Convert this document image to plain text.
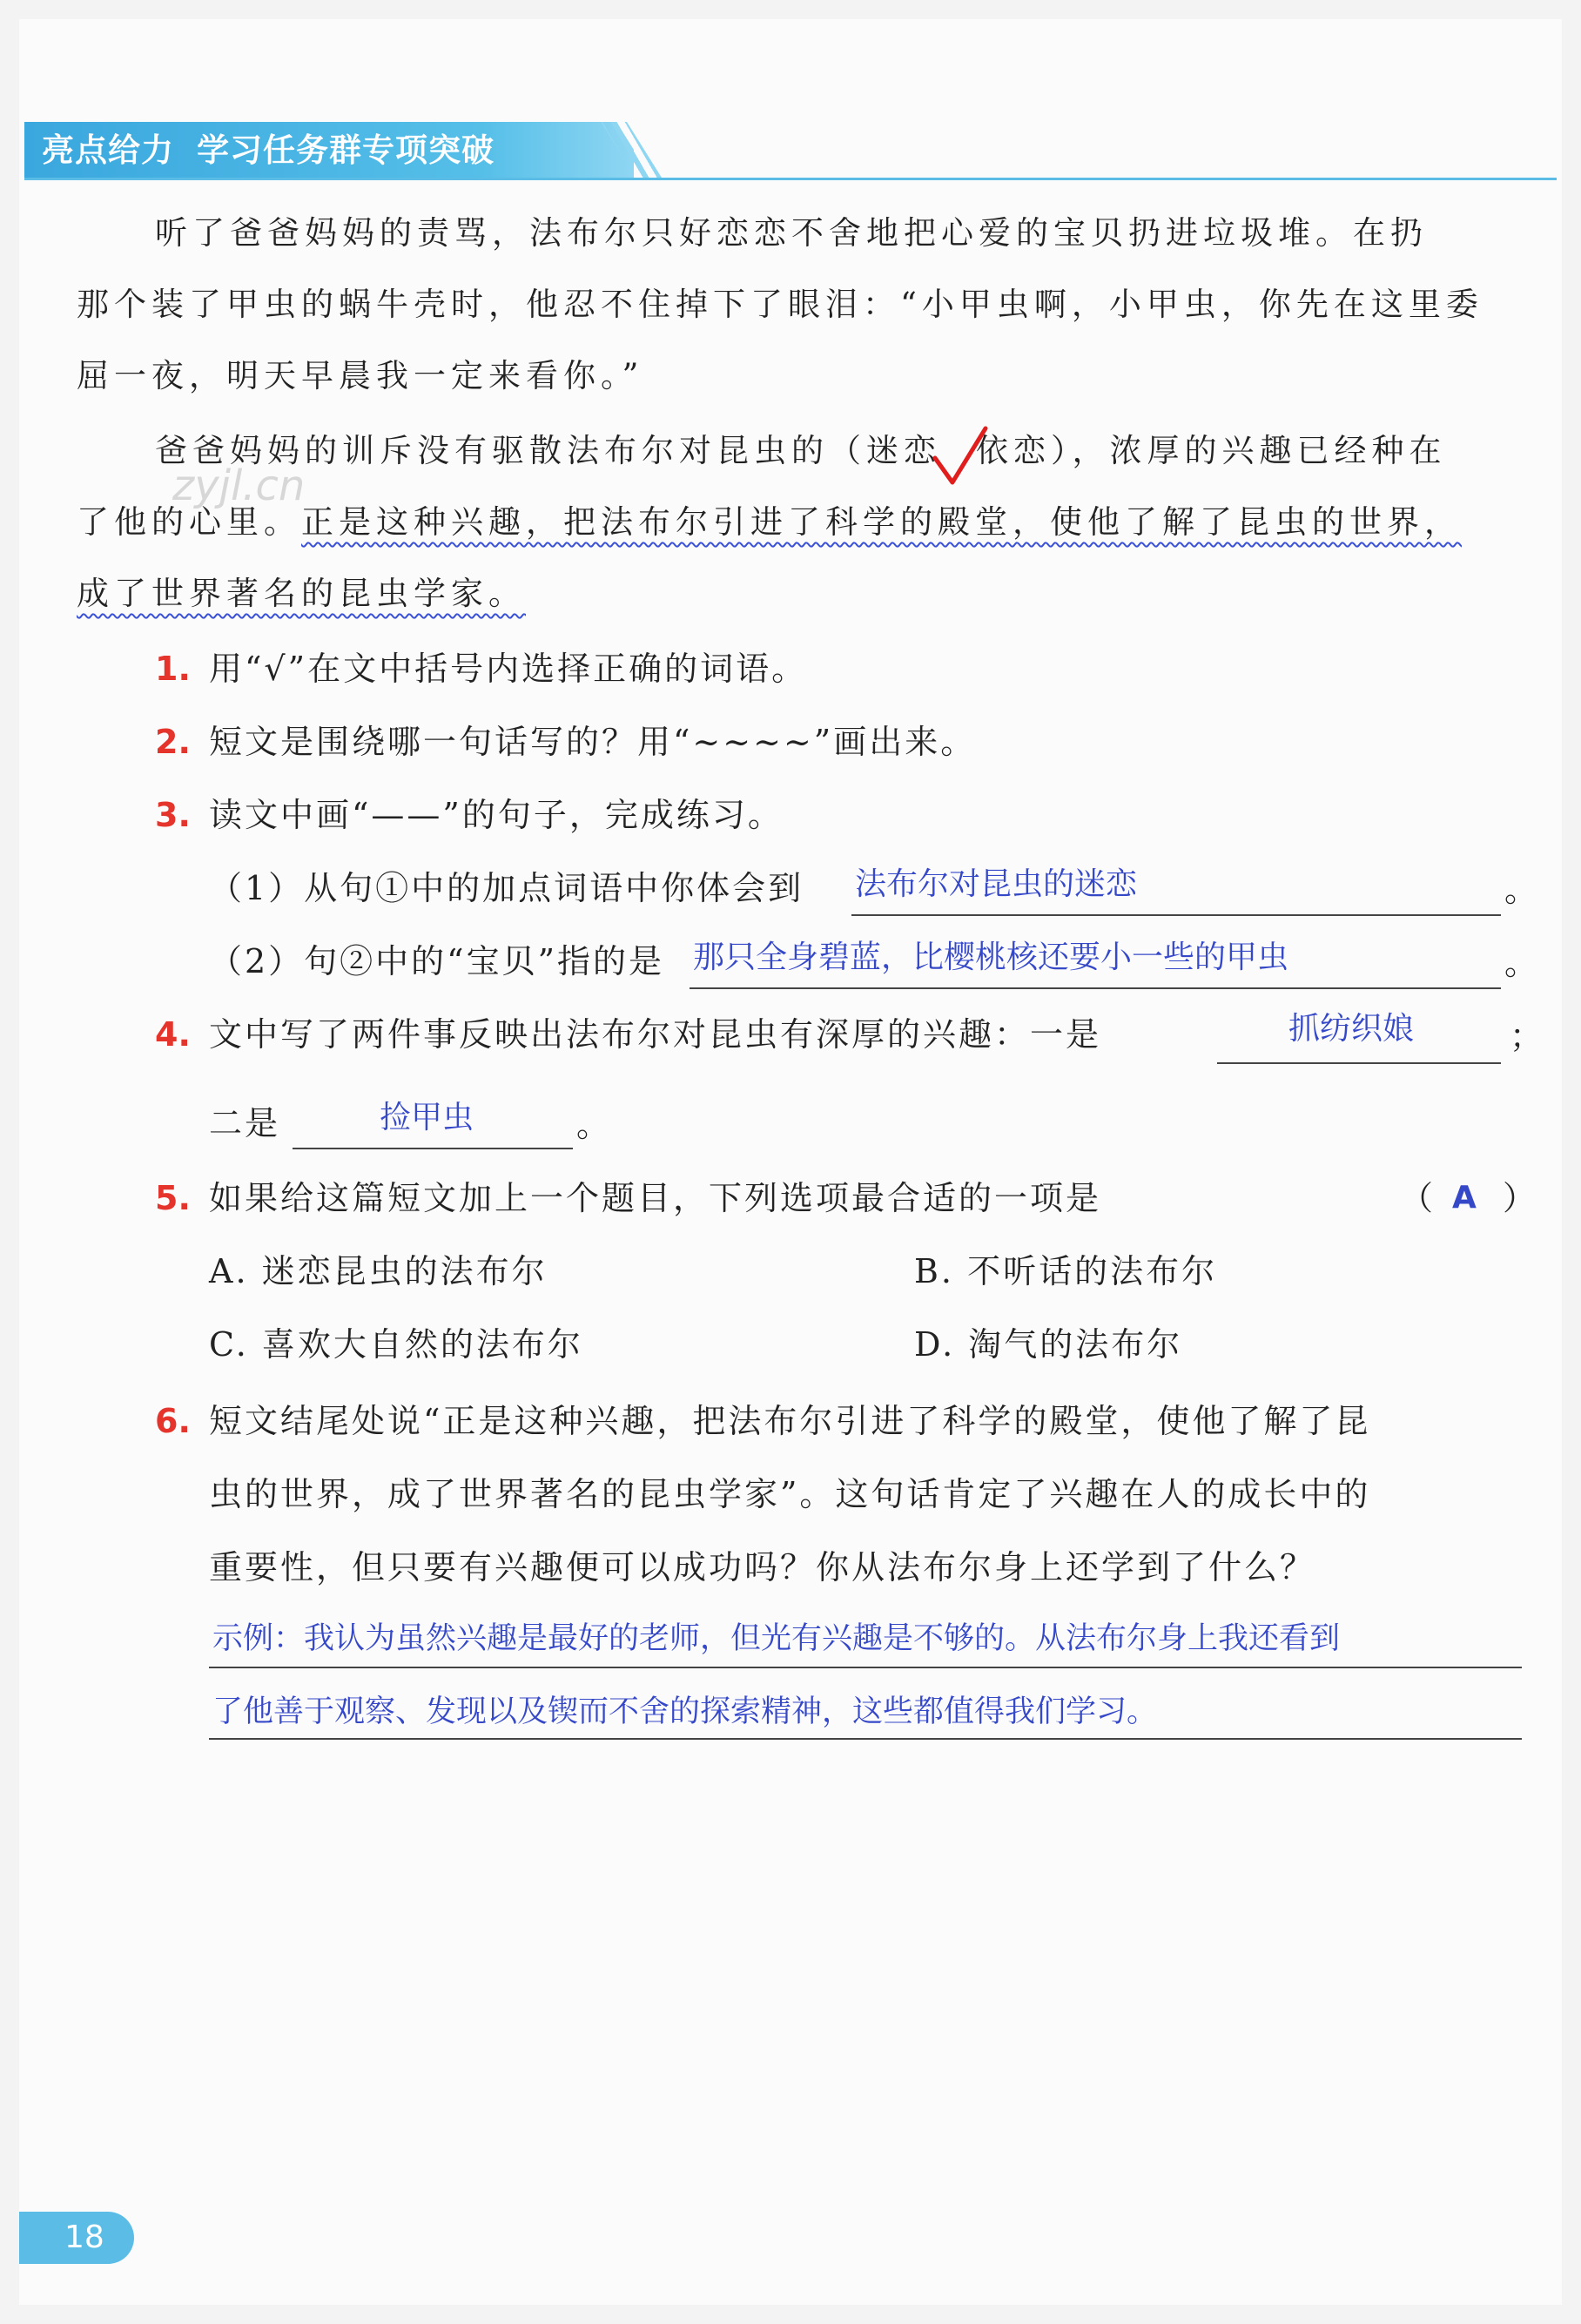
亮点给力 学习任务群专项突破
听了爸爸妈妈的责骂，法布尔只好恋恋不舍地把心爱的宝贝扔进垃圾堆。在扔
那个装了甲虫的蜗牛壳时，他忍不住掉下了眼泪：“小甲虫啊，小甲虫，你先在这里委
屈一夜，明天早晨我一定来看你。”
爸爸妈妈的训斥没有驱散法布尔对昆虫的（迷恋 依恋），浓厚的兴趣已经种在
zyjl.cn
了他的心里。正是这种兴趣，把法布尔引进了科学的殿堂，使他了解了昆虫的世界，
成了世界著名的昆虫学家。
1. 用“√”在文中括号内选择正确的词语。
2. 短文是围绕哪一句话写的？用“~~~~”画出来。
3. 读文中画“——”的句子，完成练习。
（1）从句①中的加点词语中你体会到 法布尔对昆虫的迷恋	。
（2）句②中的“宝贝”指的是 那只全身碧蓝，比樱桃核还要小一些的甲虫	。
4. 文中写了两件事反映出法布尔对昆虫有深厚的兴趣：一是	抓纺织娘	；
二是	捡甲虫	。
5. 如果给这篇短文加上一个题目，下列选项最合适的一项是	（ A ）
A. 迷恋昆虫的法布尔	B. 不听话的法布尔
C. 喜欢大自然的法布尔	D. 淘气的法布尔
6. 短文结尾处说“正是这种兴趣，把法布尔引进了科学的殿堂，使他了解了昆
虫的世界，成了世界著名的昆虫学家”。这句话肯定了兴趣在人的成长中的
重要性，但只要有兴趣便可以成功吗？你从法布尔身上还学到了什么？
示例：我认为虽然兴趣是最好的老师，但光有兴趣是不够的。从法布尔身上我还看到
了他善于观察、发现以及锲而不舍的探索精神，这些都值得我们学习。
18
